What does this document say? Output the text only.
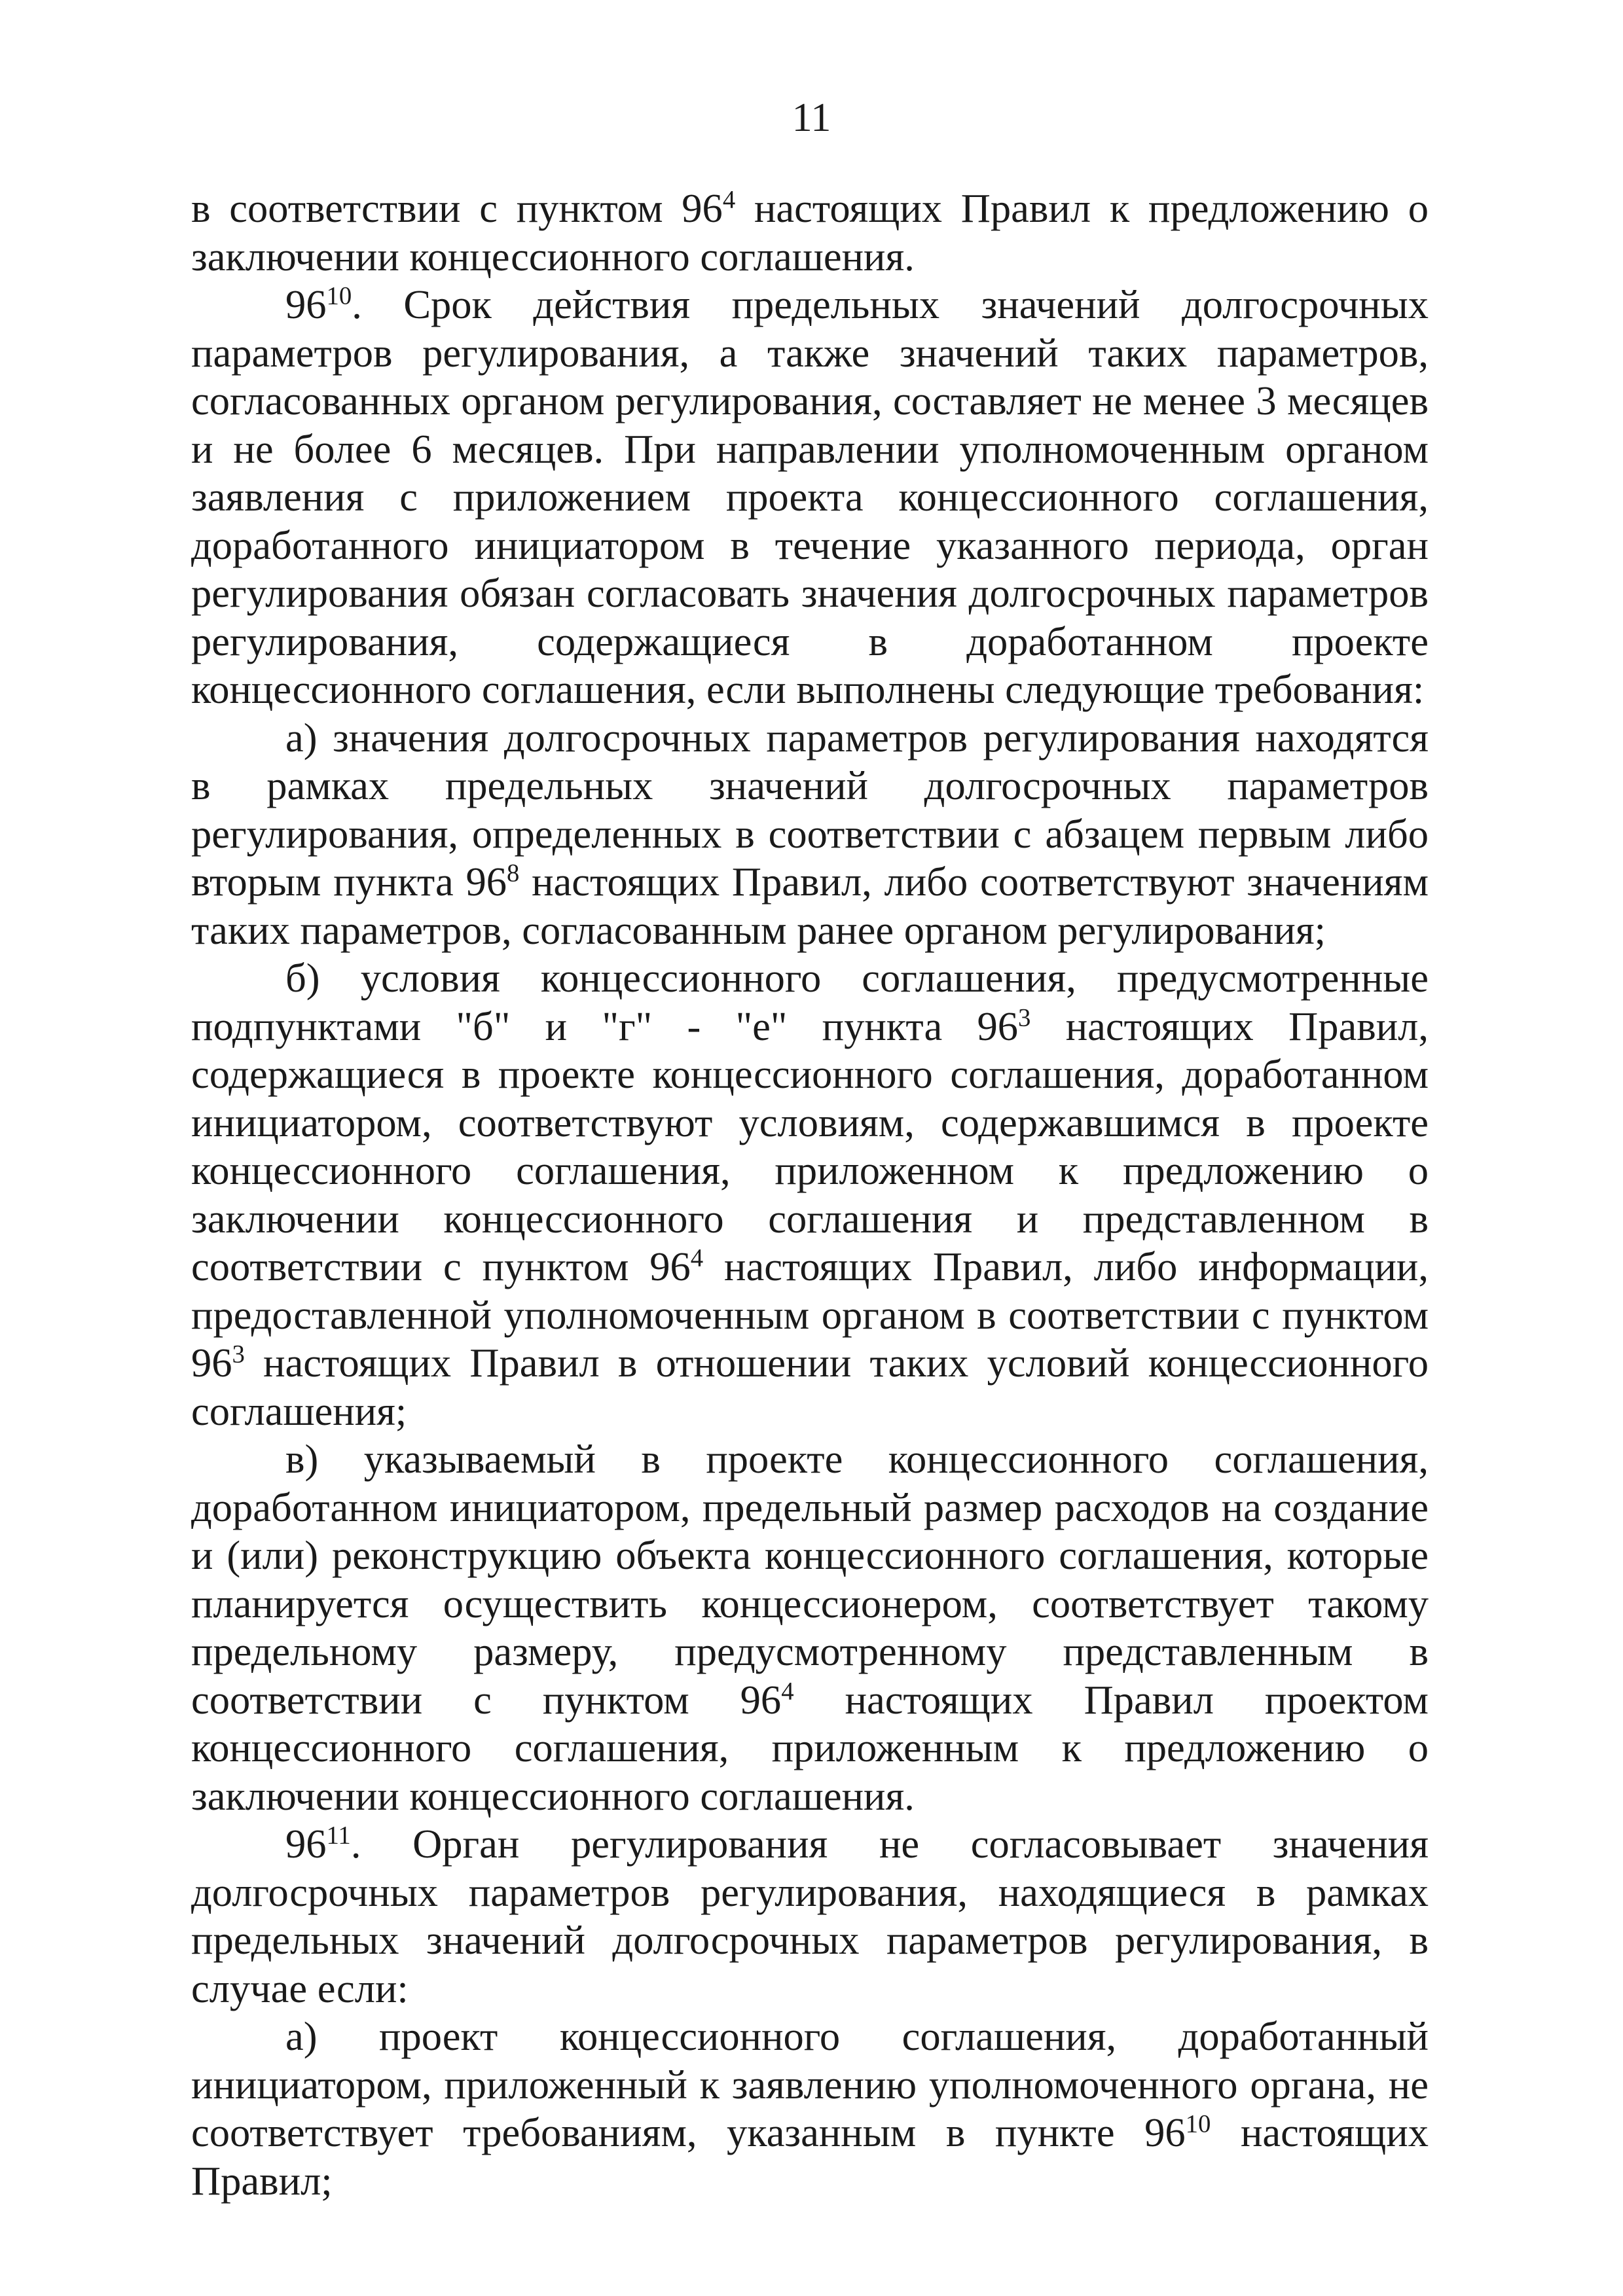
11

в соответствии с пунктом $96^4$ настоящих Правил к предложению о заключении концессионного соглашения.

$96^{10}$. Срок действия предельных значений долгосрочных параметров регулирования, а также значений таких параметров, согласованных органом регулирования, составляет не менее 3 месяцев и не более 6 месяцев. При направлении уполномоченным органом заявления с приложением проекта концессионного соглашения, доработанного инициатором в течение указанного периода, орган регулирования обязан согласовать значения долгосрочных параметров регулирования, содержащиеся в доработанном проекте концессионного соглашения, если выполнены следующие требования:

а) значения долгосрочных параметров регулирования находятся в рамках предельных значений долгосрочных параметров регулирования, определенных в соответствии с абзацем первым либо вторым пункта $96^8$ настоящих Правил, либо соответствуют значениям таких параметров, согласованным ранее органом регулирования;

б) условия концессионного соглашения, предусмотренные подпунктами "б" и "г" - "е" пункта $96^3$ настоящих Правил, содержащиеся в проекте концессионного соглашения, доработанном инициатором, соответствуют условиям, содержавшимся в проекте концессионного соглашения, приложенном к предложению о заключении концессионного соглашения и представленном в соответствии с пунктом $96^4$ настоящих Правил, либо информации, предоставленной уполномоченным органом в соответствии с пунктом $96^3$ настоящих Правил в отношении таких условий концессионного соглашения;

в) указываемый в проекте концессионного соглашения, доработанном инициатором, предельный размер расходов на создание и (или) реконструкцию объекта концессионного соглашения, которые планируется осуществить концессионером, соответствует такому предельному размеру, предусмотренному представленным в соответствии с пунктом $96^4$ настоящих Правил проектом концессионного соглашения, приложенным к предложению о заключении концессионного соглашения.

$96^{11}$. Орган регулирования не согласовывает значения долгосрочных параметров регулирования, находящиеся в рамках предельных значений долгосрочных параметров регулирования, в случае если:

а) проект концессионного соглашения, доработанный инициатором, приложенный к заявлению уполномоченного органа, не соответствует требованиям, указанным в пункте $96^{10}$ настоящих Правил;
